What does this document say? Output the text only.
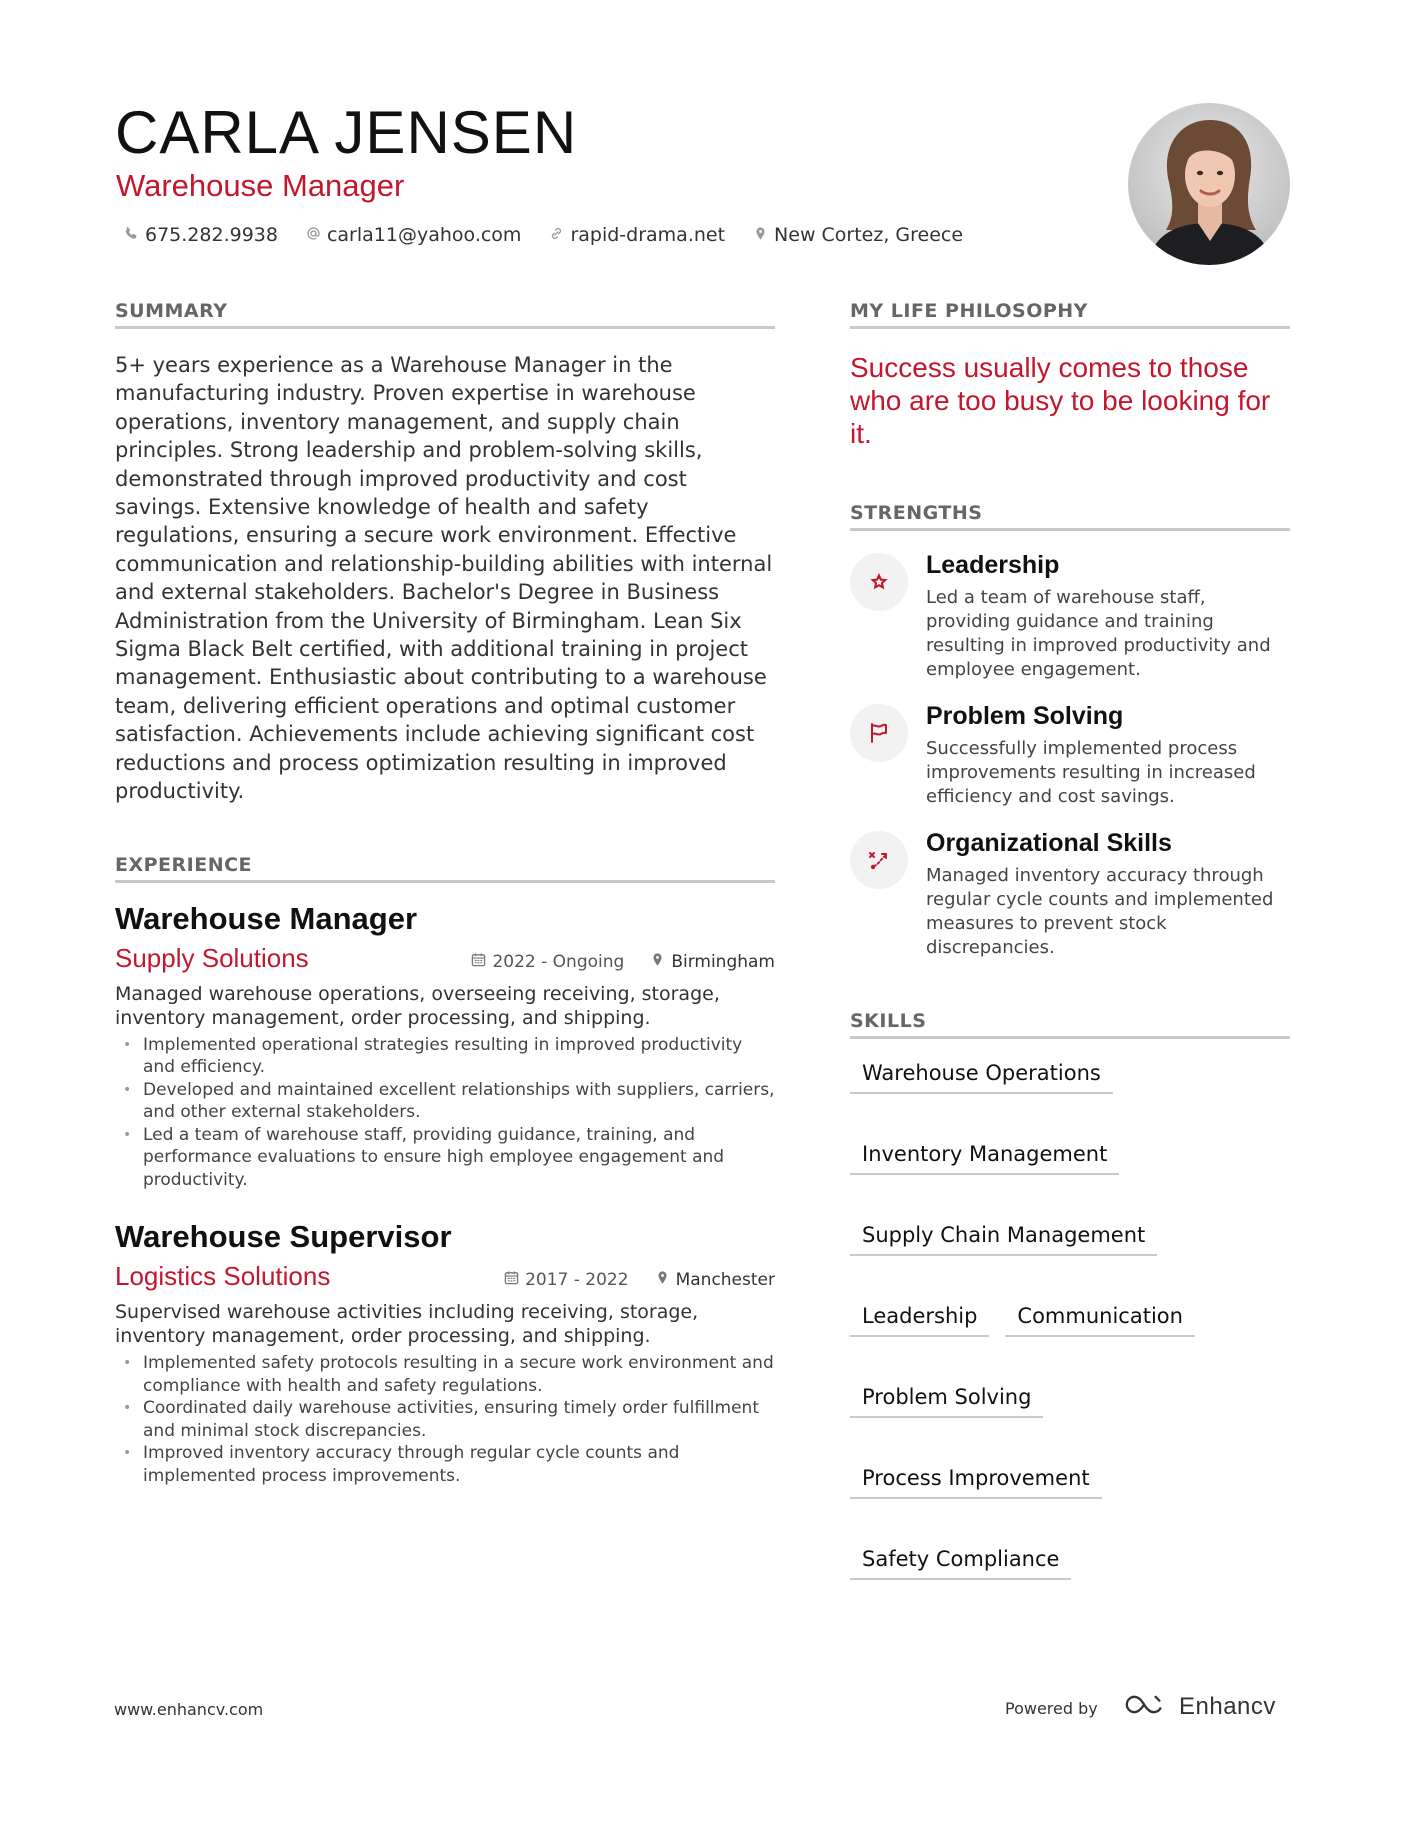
CARLA JENSEN
Warehouse Manager
675.282.9938	carla11@yahoo.com	rapid-drama.net	New Cortez, Greece
SUMMARY

5+ years experience as a Warehouse Manager in the manufacturing industry. Proven expertise in warehouse operations, inventory management, and supply chain principles. Strong leadership and problem-solving skills, demonstrated through improved productivity and cost savings. Extensive knowledge of health and safety regulations, ensuring a secure work environment. Effective communication and relationship-building abilities with internal and external stakeholders. Bachelor's Degree in Business Administration from the University of Birmingham. Lean Six Sigma Black Belt certified, with additional training in project management. Enthusiastic about contributing to a warehouse team, delivering efficient operations and optimal customer satisfaction. Achievements include achieving significant cost reductions and process optimization resulting in improved productivity.

EXPERIENCE
Warehouse Manager
Supply Solutions	2022 - Ongoing	Birmingham

Managed warehouse operations, overseeing receiving, storage, inventory management, order processing, and shipping.

• Implemented operational strategies resulting in improved productivity and efficiency.
• Developed and maintained excellent relationships with suppliers, carriers, and other external stakeholders.
• Led a team of warehouse staff, providing guidance, training, and performance evaluations to ensure high employee engagement and productivity.
Warehouse Supervisor
Logistics Solutions	2017 - 2022	Manchester

Supervised warehouse activities including receiving, storage, inventory management, order processing, and shipping.

• Implemented safety protocols resulting in a secure work environment and compliance with health and safety regulations.
• Coordinated daily warehouse activities, ensuring timely order fulfillment and minimal stock discrepancies.
• Improved inventory accuracy through regular cycle counts and implemented process improvements.
MY LIFE PHILOSOPHY

Success usually comes to those who are too busy to be looking for it.

STRENGTHS
Leadership

Led a team of warehouse staff, providing guidance and training resulting in improved productivity and employee engagement.

Problem Solving

Successfully implemented process improvements resulting in increased efficiency and cost savings.

Organizational Skills

Managed inventory accuracy through regular cycle counts and implemented measures to prevent stock discrepancies.

SKILLS
Warehouse Operations
Inventory Management
Supply Chain Management
Leadership	Communication
Problem Solving
Process Improvement
Safety Compliance
www.enhancv.com	Powered by	Enhancv
